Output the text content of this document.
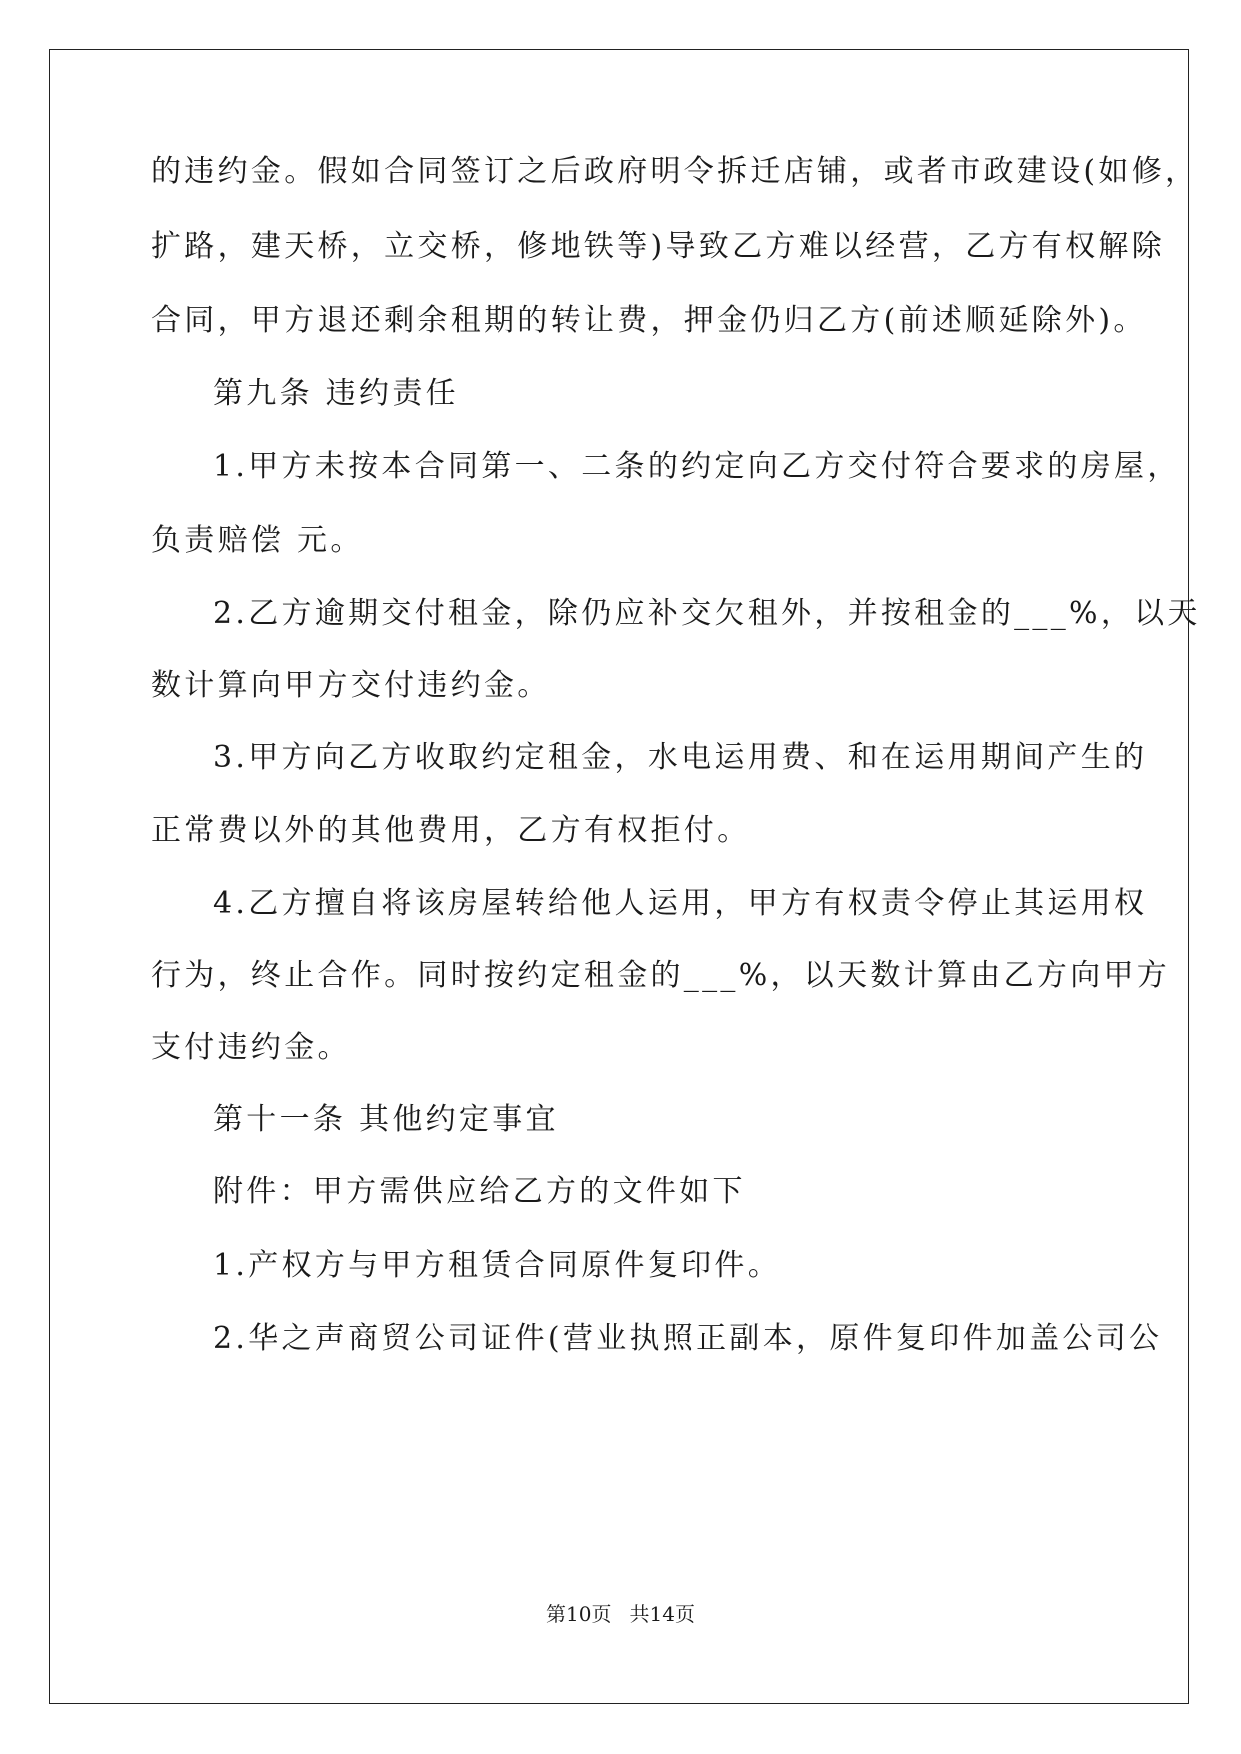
的违约金。假如合同签订之后政府明令拆迁店铺，或者市政建设(如修，
扩路，建天桥，立交桥，修地铁等)导致乙方难以经营，乙方有权解除
合同，甲方退还剩余租期的转让费，押金仍归乙方(前述顺延除外)。
第九条 违约责任
1.甲方未按本合同第一、二条的约定向乙方交付符合要求的房屋，
负责赔偿 元。
2.乙方逾期交付租金，除仍应补交欠租外，并按租金的___%，以天
数计算向甲方交付违约金。
3.甲方向乙方收取约定租金，水电运用费、和在运用期间产生的
正常费以外的其他费用，乙方有权拒付。
4.乙方擅自将该房屋转给他人运用，甲方有权责令停止其运用权
行为，终止合作。同时按约定租金的___%，以天数计算由乙方向甲方
支付违约金。
第十一条 其他约定事宜
附件：甲方需供应给乙方的文件如下
1.产权方与甲方租赁合同原件复印件。
2.华之声商贸公司证件(营业执照正副本，原件复印件加盖公司公
第10页 共14页
